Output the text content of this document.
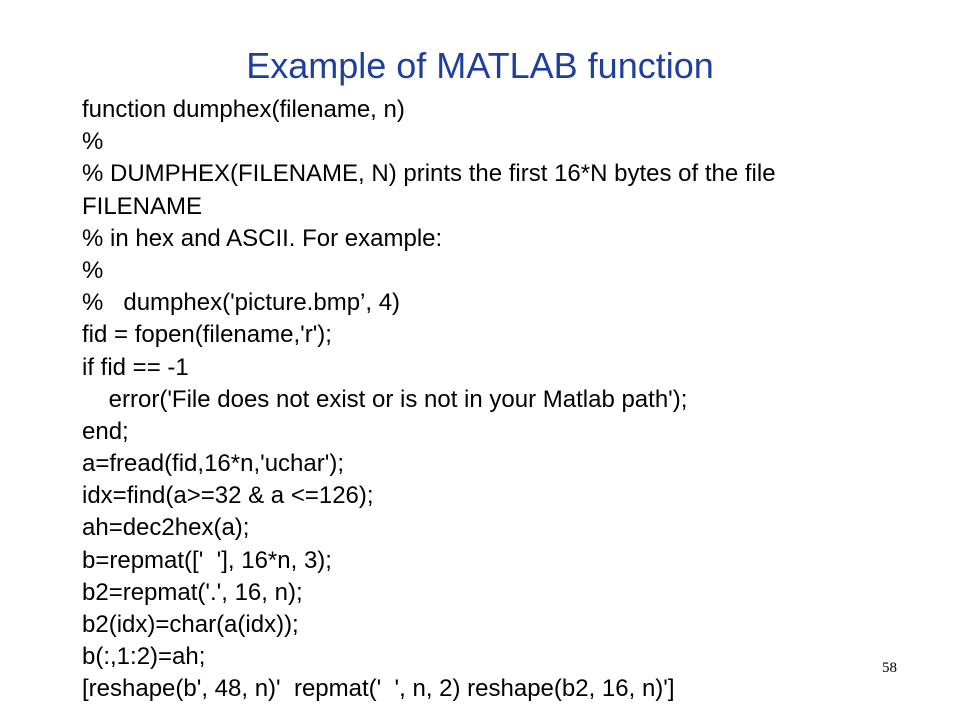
Example of MATLAB function
function dumphex(filename, n)
%
% DUMPHEX(FILENAME, N) prints the first 16*N bytes of the file
FILENAME
% in hex and ASCII. For example:
%
%   dumphex('picture.bmp’, 4)
fid = fopen(filename,'r');
if fid == -1
error('File does not exist or is not in your Matlab path');
end;
a=fread(fid,16*n,'uchar');
idx=find(a>=32 & a <=126);
ah=dec2hex(a);
b=repmat(['  '], 16*n, 3);
b2=repmat('.', 16, n);
b2(idx)=char(a(idx));
b(:,1:2)=ah;
[reshape(b', 48, n)'  repmat('  ', n, 2) reshape(b2, 16, n)']
58
